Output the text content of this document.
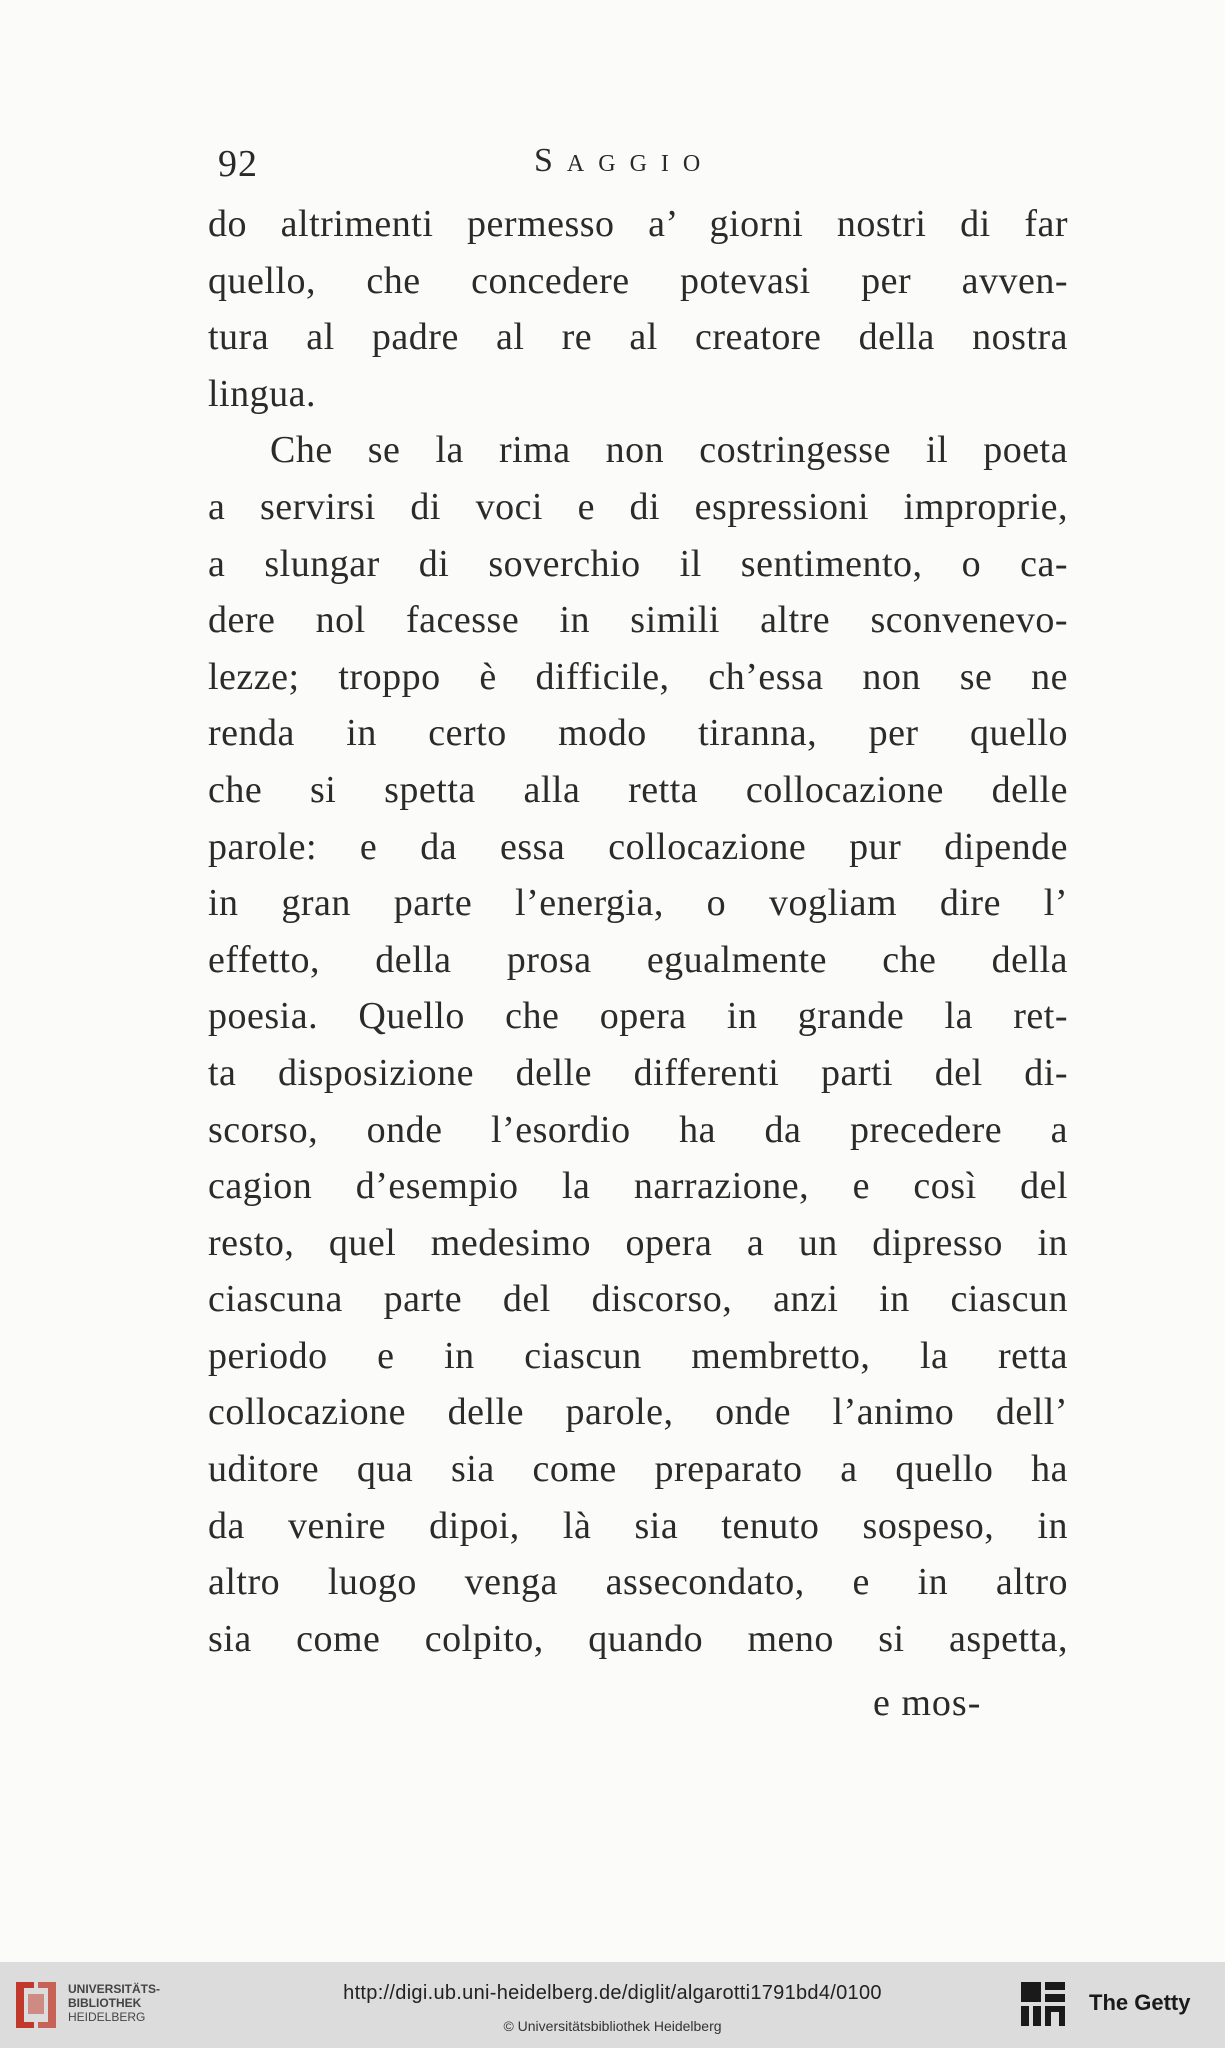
92	Saggio
do altrimenti permesso a’ giorni nostri di far
quello, che concedere potevasi per avven-
tura al padre al re al creatore della nostra
lingua.
Che se la rima non costringesse il poeta
a servirsi di voci e di espressioni improprie,
a slungar di soverchio il sentimento, o ca-
dere nol facesse in simili altre sconvenevo-
lezze; troppo è difficile, ch’essa non se ne
renda in certo modo tiranna, per quello
che si spetta alla retta collocazione delle
parole: e da essa collocazione pur dipende
in gran parte l’energia, o vogliam dire l’
effetto, della prosa egualmente che della
poesia. Quello che opera in grande la ret-
ta disposizione delle differenti parti del di-
scorso, onde l’esordio ha da precedere a
cagion d’esempio la narrazione, e così del
resto, quel medesimo opera a un dipresso in
ciascuna parte del discorso, anzi in ciascun
periodo e in ciascun membretto, la retta
collocazione delle parole, onde l’animo dell’
uditore qua sia come preparato a quello ha
da venire dipoi, là sia tenuto sospeso, in
altro luogo venga assecondato, e in altro
sia come colpito, quando meno si aspetta,
e mos-
UNIVERSITÄTS-
BIBLIOTHEK
HEIDELBERG
http://digi.ub.uni-heidelberg.de/diglit/algarotti1791bd4/0100
© Universitätsbibliothek Heidelberg
The Getty
